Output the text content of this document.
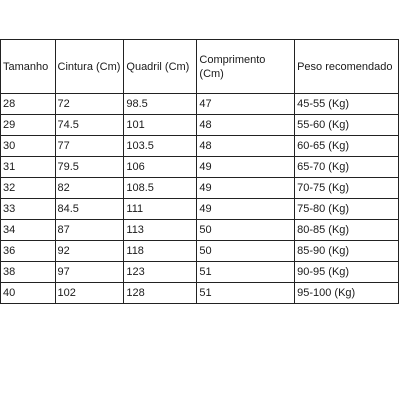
Tamanho	Cintura (Cm)	Quadril (Cm)	Comprimento (Cm)	Peso recomendado
28	72	98.5	47	45-55 (Kg)
29	74.5	101	48	55-60 (Kg)
30	77	103.5	48	60-65 (Kg)
31	79.5	106	49	65-70 (Kg)
32	82	108.5	49	70-75 (Kg)
33	84.5	111	49	75-80 (Kg)
34	87	113	50	80-85 (Kg)
36	92	118	50	85-90 (Kg)
38	97	123	51	90-95 (Kg)
40	102	128	51	95-100 (Kg)
